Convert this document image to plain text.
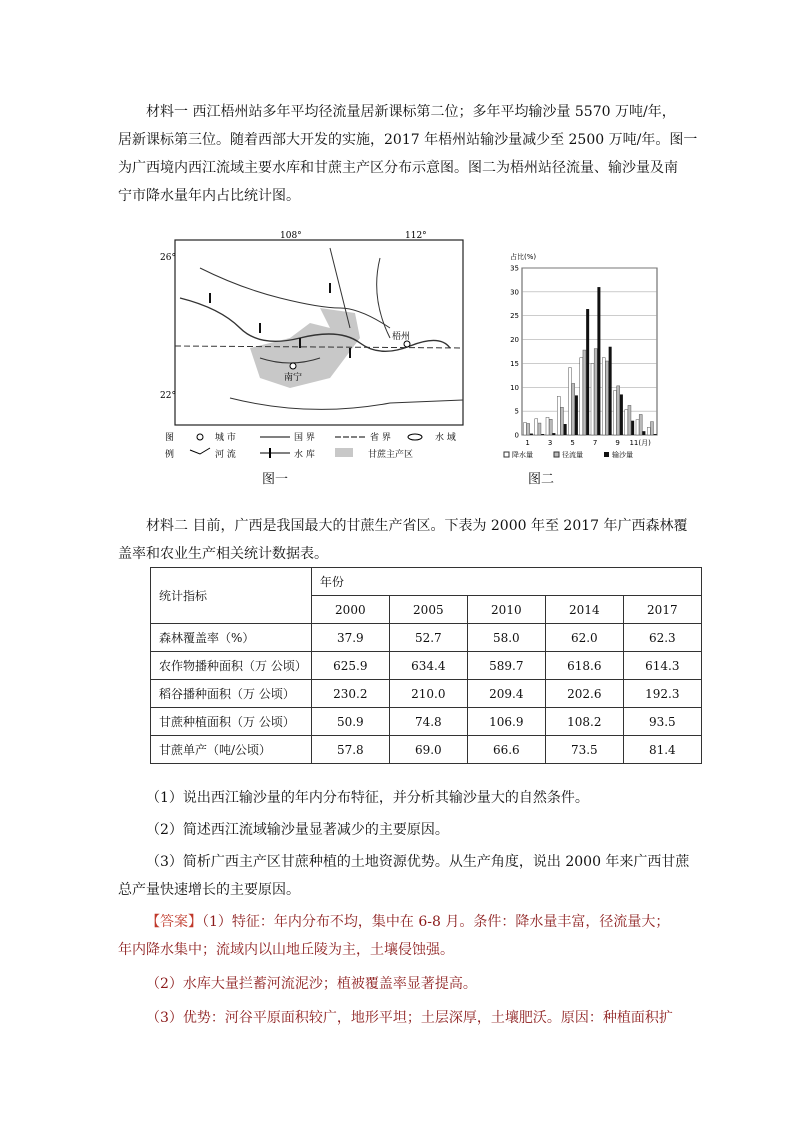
材料一 西江梧州站多年平均径流量居新课标第二位；多年平均输沙量 5570 万吨/年，

居新课标第三位。随着西部大开发的实施，2017 年梧州站输沙量减少至 2500 万吨/年。图一

为广西境内西江流域主要水库和甘蔗主产区分布示意图。图二为梧州站径流量、输沙量及南

宁市降水量年内占比统计图。

26°
22°
108°	112°
南宁
梧州
图
例
城 市	国 界	省 界	水 域
河 流	水 库	甘蔗主产区
图一
占比(%)
0
5
10
15
20
25
30
35
1	3	5	7	9 11(月)
降水量	径流量	输沙量
图二

材料二 目前，广西是我国最大的甘蔗生产省区。下表为 2000 年至 2017 年广西森林覆

盖率和农业生产相关统计数据表。

统计指标	年份				
	2000	2005	2010	2014	2017
森林覆盖率（%）	37.9	52.7	58.0	62.0	62.3
农作物播种面积（万 公顷）	625.9	634.4	589.7	618.6	614.3
稻谷播种面积（万 公顷）	230.2	210.0	209.4	202.6	192.3
甘蔗种植面积（万 公顷）	50.9	74.8	106.9	108.2	93.5
甘蔗单产（吨/公顷）	57.8	69.0	66.6	73.5	81.4

（1）说出西江输沙量的年内分布特征，并分析其输沙量大的自然条件。

（2）简述西江流域输沙量显著减少的主要原因。

（3）简析广西主产区甘蔗种植的土地资源优势。从生产角度，说出 2000 年来广西甘蔗

总产量快速增长的主要原因。

【答案】（1）特征：年内分布不均，集中在 6-8 月。条件：降水量丰富，径流量大；

年内降水集中；流域内以山地丘陵为主，土壤侵蚀强。

（2）水库大量拦蓄河流泥沙；植被覆盖率显著提高。

（3）优势：河谷平原面积较广，地形平坦；土层深厚，土壤肥沃。原因：种植面积扩
